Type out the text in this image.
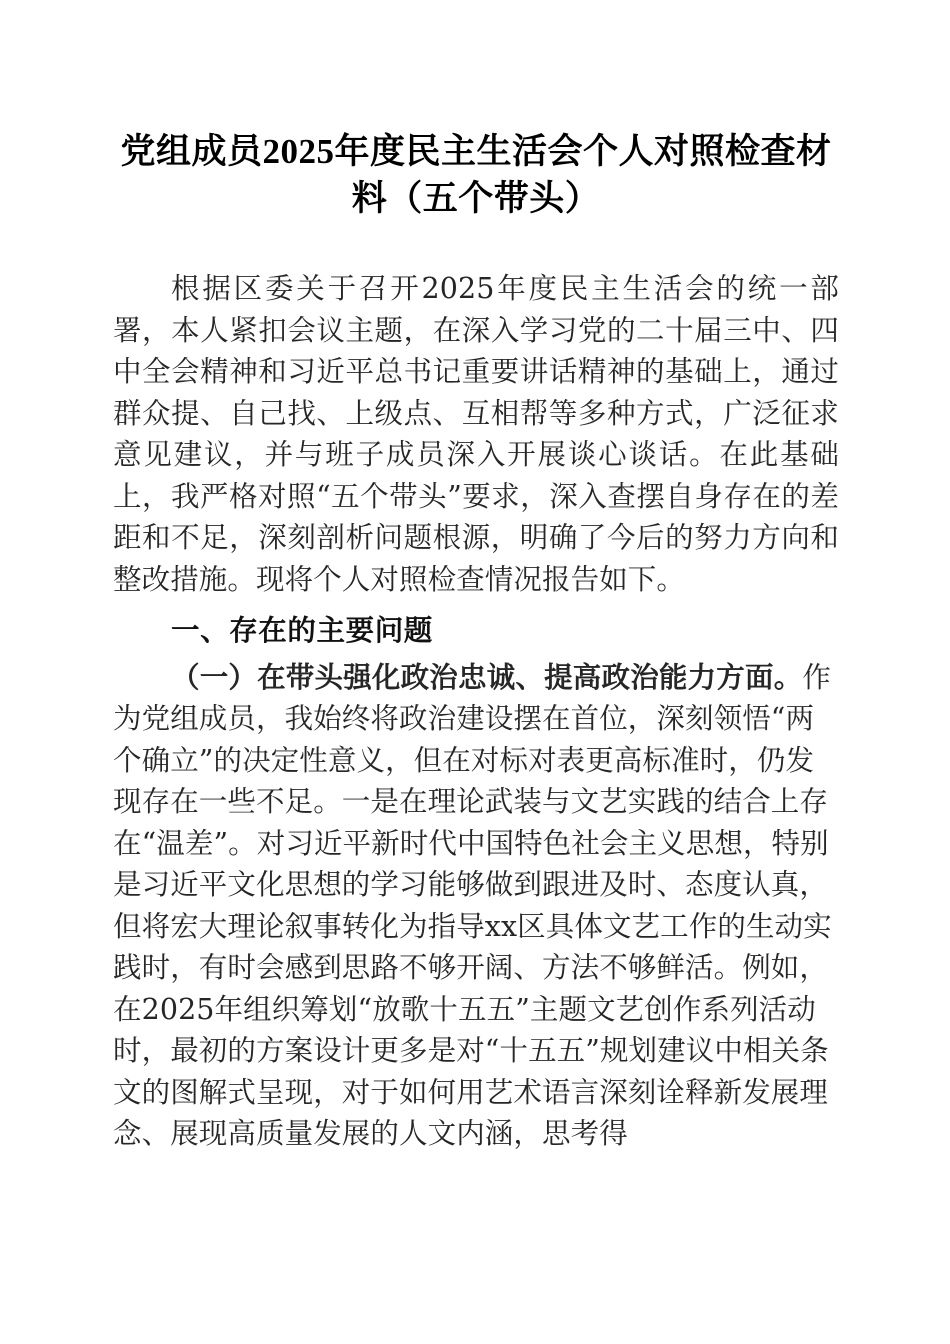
党组成员2025年度民主生活会个人对照检查材料（五个带头）

根据区委关于召开2025年度民主生活会的统一部署，本人紧扣会议主题，在深入学习党的二十届三中、四中全会精神和习近平总书记重要讲话精神的基础上，通过群众提、自己找、上级点、互相帮等多种方式，广泛征求意见建议，并与班子成员深入开展谈心谈话。在此基础上，我严格对照“五个带头”要求，深入查摆自身存在的差距和不足，深刻剖析问题根源，明确了今后的努力方向和整改措施。现将个人对照检查情况报告如下。

一、存在的主要问题

（一）在带头强化政治忠诚、提高政治能力方面。作为党组成员，我始终将政治建设摆在首位，深刻领悟“两个确立”的决定性意义，但在对标对表更高标准时，仍发现存在一些不足。一是在理论武装与文艺实践的结合上存在“温差”。对习近平新时代中国特色社会主义思想，特别是习近平文化思想的学习能够做到跟进及时、态度认真，但将宏大理论叙事转化为指导xx区具体文艺工作的生动实践时，有时会感到思路不够开阔、方法不够鲜活。例如，在2025年组织筹划“放歌十五五”主题文艺创作系列活动时，最初的方案设计更多是对“十五五”规划建议中相关条文的图解式呈现，对于如何用艺术语言深刻诠释新发展理念、展现高质量发展的人文内涵，思考得
